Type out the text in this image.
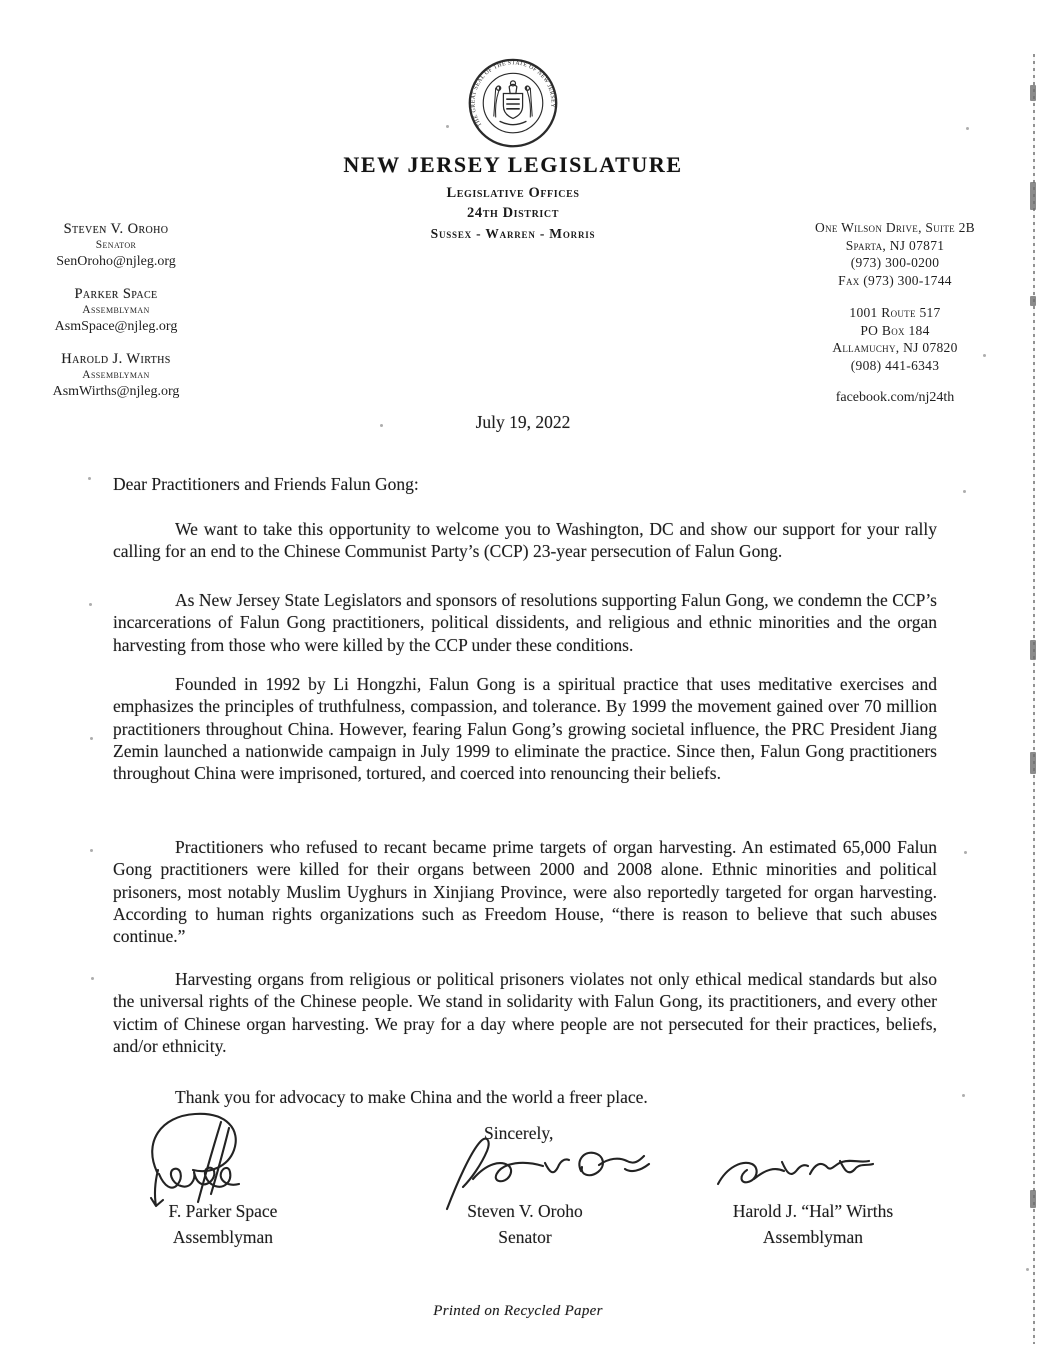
THE GREAT SEAL OF THE STATE OF NEW JERSEY
NEW JERSEY LEGISLATURE
Legislative Offices
24th District
Sussex - Warren - Morris
Steven V. Oroho
Senator
SenOroho@njleg.org
Parker Space
Assemblyman
AsmSpace@njleg.org
Harold J. Wirths
Assemblyman
AsmWirths@njleg.org
One Wilson Drive, Suite 2B
Sparta, NJ 07871
(973) 300-0200
Fax (973) 300-1744
1001 Route 517
PO Box 184
Allamuchy, NJ 07820
(908) 441-6343
facebook.com/nj24th
July 19, 2022
Dear Practitioners and Friends Falun Gong:
We want to take this opportunity to welcome you to Washington, DC and show our support for your rally calling for an end to the Chinese Communist Party’s (CCP) 23-year persecution of Falun Gong.
As New Jersey State Legislators and sponsors of resolutions supporting Falun Gong, we condemn the CCP’s incarcerations of Falun Gong practitioners, political dissidents, and religious and ethnic minorities and the organ harvesting from those who were killed by the CCP under these conditions.
Founded in 1992 by Li Hongzhi, Falun Gong is a spiritual practice that uses meditative exercises and emphasizes the principles of truthfulness, compassion, and tolerance. By 1999 the movement gained over 70 million practitioners throughout China. However, fearing Falun Gong’s growing societal influence, the PRC President Jiang Zemin launched a nationwide campaign in July 1999 to eliminate the practice. Since then, Falun Gong practitioners throughout China were imprisoned, tortured, and coerced into renouncing their beliefs.
Practitioners who refused to recant became prime targets of organ harvesting. An estimated 65,000 Falun Gong practitioners were killed for their organs between 2000 and 2008 alone. Ethnic minorities and political prisoners, most notably Muslim Uyghurs in Xinjiang Province, were also reportedly targeted for organ harvesting. According to human rights organizations such as Freedom House, “there is reason to believe that such abuses continue.”
Harvesting organs from religious or political prisoners violates not only ethical medical standards but also the universal rights of the Chinese people. We stand in solidarity with Falun Gong, its practitioners, and every other victim of Chinese organ harvesting. We pray for a day where people are not persecuted for their practices, beliefs, and/or ethnicity.
Thank you for advocacy to make China and the world a freer place.
Sincerely,
F. Parker Space
Assemblyman
Steven V. Oroho
Senator
Harold J. “Hal” Wirths
Assemblyman
Printed on Recycled Paper
